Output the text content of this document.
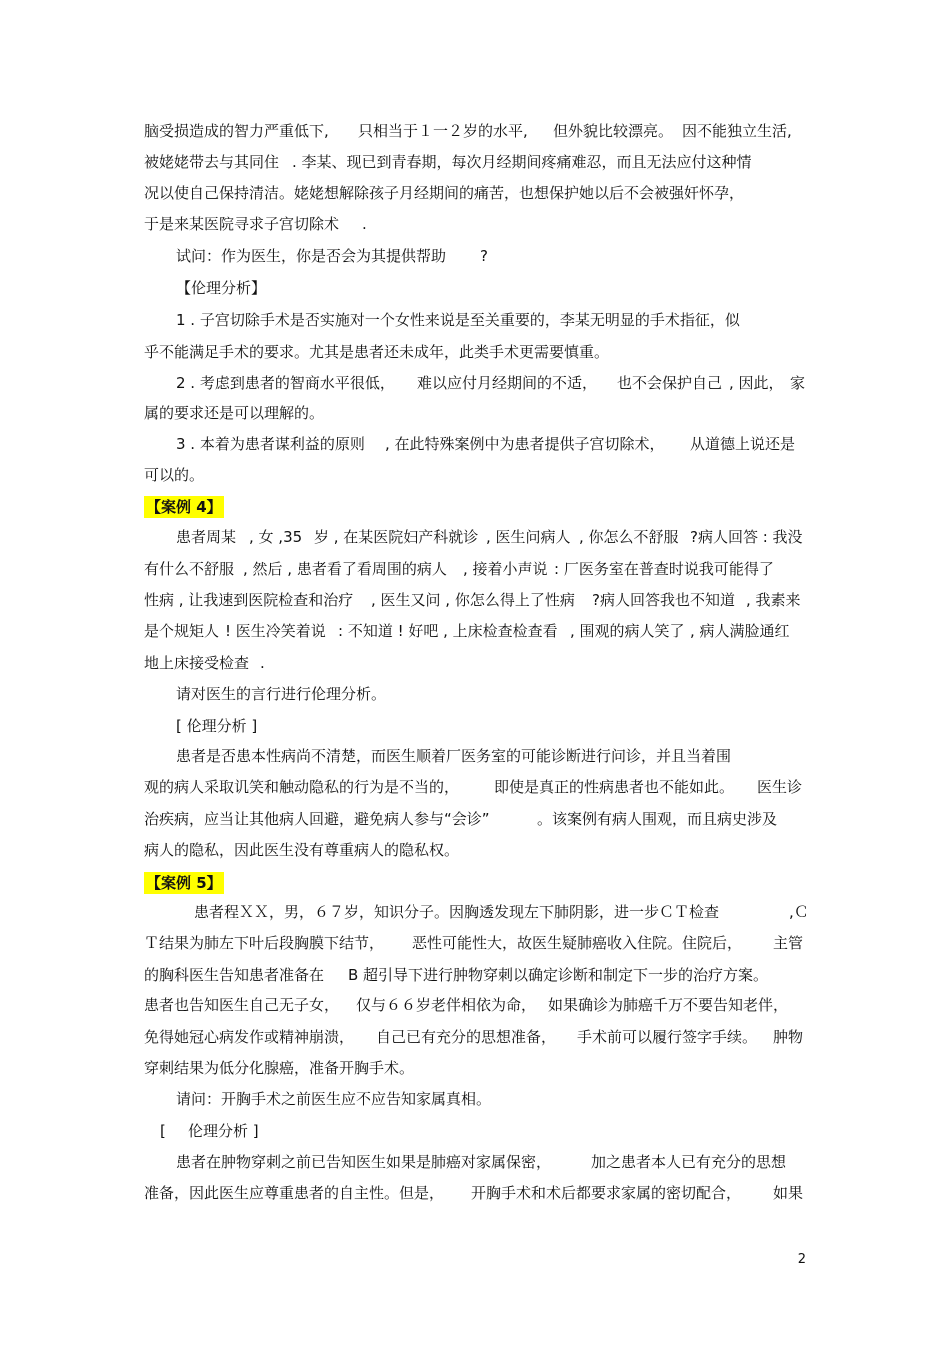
脑受损造成的智力严重低下, 只相当于１一２岁的水平, 但外貌比较漂亮。 因不能独立生活,
被姥姥带去与其同住 . 李某、现已到青春期，每次月经期间疼痛难忍，而且无法应付这种情
况以使自己保持清洁。姥姥想解除孩子月经期间的痛苦，也想保护她以后不会被强奸怀孕，
于是来某医院寻求子宫切除术 .
试问：作为医生，你是否会为其提供帮助 ?
【伦理分析】
1 . 子宫切除手术是否实施对一个女性来说是至关重要的，李某无明显的手术指征，似
乎不能满足手术的要求。尤其是患者还未成年，此类手术更需要慎重。
2 . 考虑到患者的智商水平很低， 难以应付月经期间的不适， 也不会保护自己 , 因此， 家
属的要求还是可以理解的。
3 . 本着为患者谋利益的原则 , 在此特殊案例中为患者提供子宫切除术， 从道德上说还是
可以的。
【案例 4】
患者周某 , 女 ,35 岁 , 在某医院妇产科就诊 , 医生问病人 , 你怎么不舒服 ?病人回答 : 我没
有什么不舒服 , 然后 , 患者看了看周围的病人 , 接着小声说 : 厂医务室在普查时说我可能得了
性病 , 让我速到医院检查和治疗 , 医生又问 , 你怎么得上了性病 ?病人回答我也不知道 , 我素来
是个规矩人 ! 医生冷笑着说 : 不知道 ! 好吧 , 上床检查检查看 , 围观的病人笑了 , 病人满脸通红
地上床接受检查 .
请对医生的言行进行伦理分析。
[ 伦理分析 ]
患者是否患本性病尚不清楚，而医生顺着厂医务室的可能诊断进行问诊，并且当着围
观的病人采取讥笑和触动隐私的行为是不当的， 即使是真正的性病患者也不能如此。 医生诊
治疾病，应当让其他病人回避，避免病人参与“会诊”	。该案例有病人围观，而且病史涉及
病人的隐私，因此医生没有尊重病人的隐私权。
【案例 5】
患者程ＸＸ，男，６７岁，知识分子。因胸透发现左下肺阴影，进一步ＣＴ检查	,Ｃ
Ｔ结果为肺左下叶后段胸膜下结节， 恶性可能性大，故医生疑肺癌收入住院。住院后， 主管
的胸科医生告知患者准备在 B 超引导下进行肿物穿刺以确定诊断和制定下一步的治疗方案。
患者也告知医生自己无子女， 仅与６６岁老伴相依为命， 如果确诊为肺癌千万不要告知老伴，
免得她冠心病发作或精神崩溃， 自己已有充分的思想准备， 手术前可以履行签字手续。 肿物
穿刺结果为低分化腺癌，准备开胸手术。
请问：开胸手术之前医生应不应告知家属真相。
[ 伦理分析 ]
患者在肿物穿刺之前已告知医生如果是肺癌对家属保密，	加之患者本人已有充分的思想
准备，因此医生应尊重患者的自主性。但是， 开胸手术和术后都要求家属的密切配合， 如果
2
